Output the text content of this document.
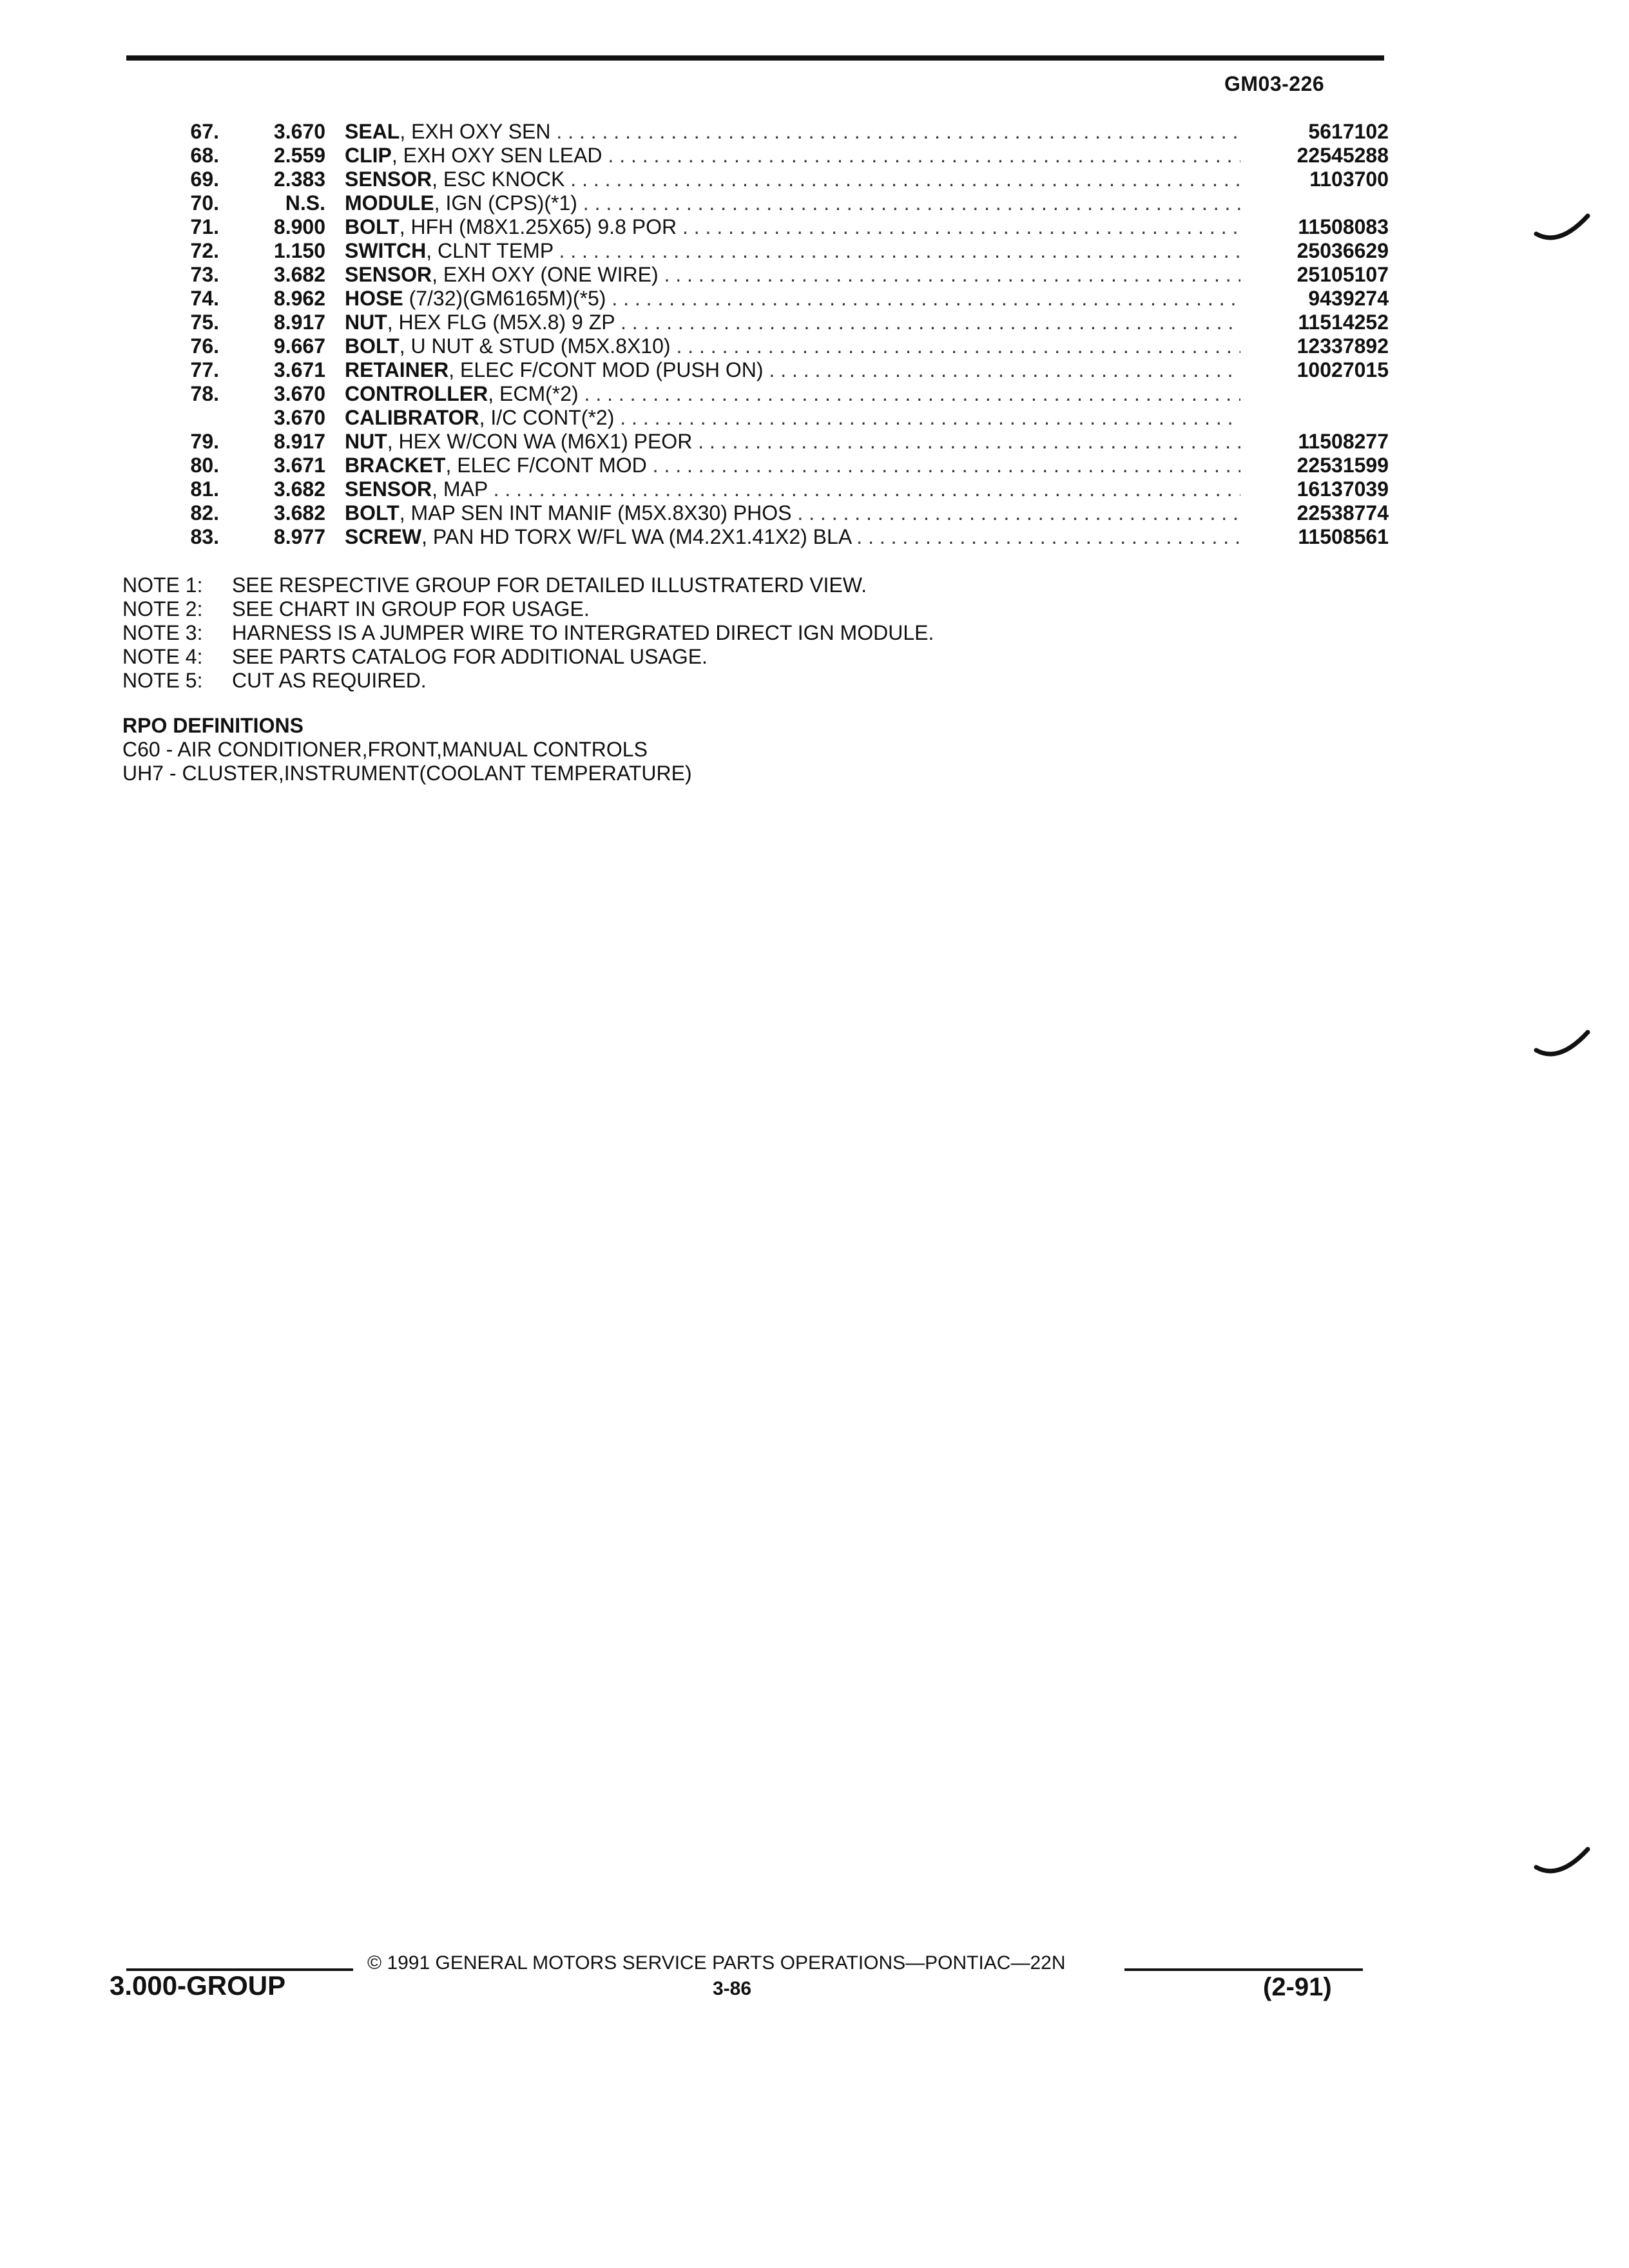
GM03-226
67.	3.670 SEAL, EXH OXY SEN . . .	5617102
68.	2.559 CLIP, EXH OXY SEN LEAD . . .	22545288
69.	2.383 SENSOR, ESC KNOCK . . .	1103700
70.	N.S. MODULE, IGN (CPS)(*1) . . .
71.	8.900 BOLT, HFH (M8X1.25X65) 9.8 POR . . .	11508083
72.	1.150 SWITCH, CLNT TEMP . . .	25036629
73.	3.682 SENSOR, EXH OXY (ONE WIRE) . . .	25105107
74.	8.962 HOSE (7/32)(GM6165M)(*5) . . .	9439274
75.	8.917 NUT, HEX FLG (M5X.8) 9 ZP . . .	11514252
76.	9.667 BOLT, U NUT & STUD (M5X.8X10) . . .	12337892
77.	3.671 RETAINER, ELEC F/CONT MOD (PUSH ON) . . .	10027015
78.	3.670 CONTROLLER, ECM(*2) . . .
3.670 CALIBRATOR, I/C CONT(*2) . . .
79.	8.917 NUT, HEX W/CON WA (M6X1) PEOR . . .	11508277
80.	3.671 BRACKET, ELEC F/CONT MOD . . .	22531599
81.	3.682 SENSOR, MAP . . .	16137039
82.	3.682 BOLT, MAP SEN INT MANIF (M5X.8X30) PHOS . . .	22538774
83.	8.977 SCREW, PAN HD TORX W/FL WA (M4.2X1.41X2) BLA . . .	11508561
NOTE 1: SEE RESPECTIVE GROUP FOR DETAILED ILLUSTRATERD VIEW.
NOTE 2: SEE CHART IN GROUP FOR USAGE.
NOTE 3: HARNESS IS A JUMPER WIRE TO INTERGRATED DIRECT IGN MODULE.
NOTE 4: SEE PARTS CATALOG FOR ADDITIONAL USAGE.
NOTE 5: CUT AS REQUIRED.
RPO DEFINITIONS
C60 - AIR CONDITIONER,FRONT,MANUAL CONTROLS
UH7 - CLUSTER,INSTRUMENT(COOLANT TEMPERATURE)
© 1991 GENERAL MOTORS SERVICE PARTS OPERATIONS—PONTIAC—22N
3.000-GROUP	3-86	(2-91)
